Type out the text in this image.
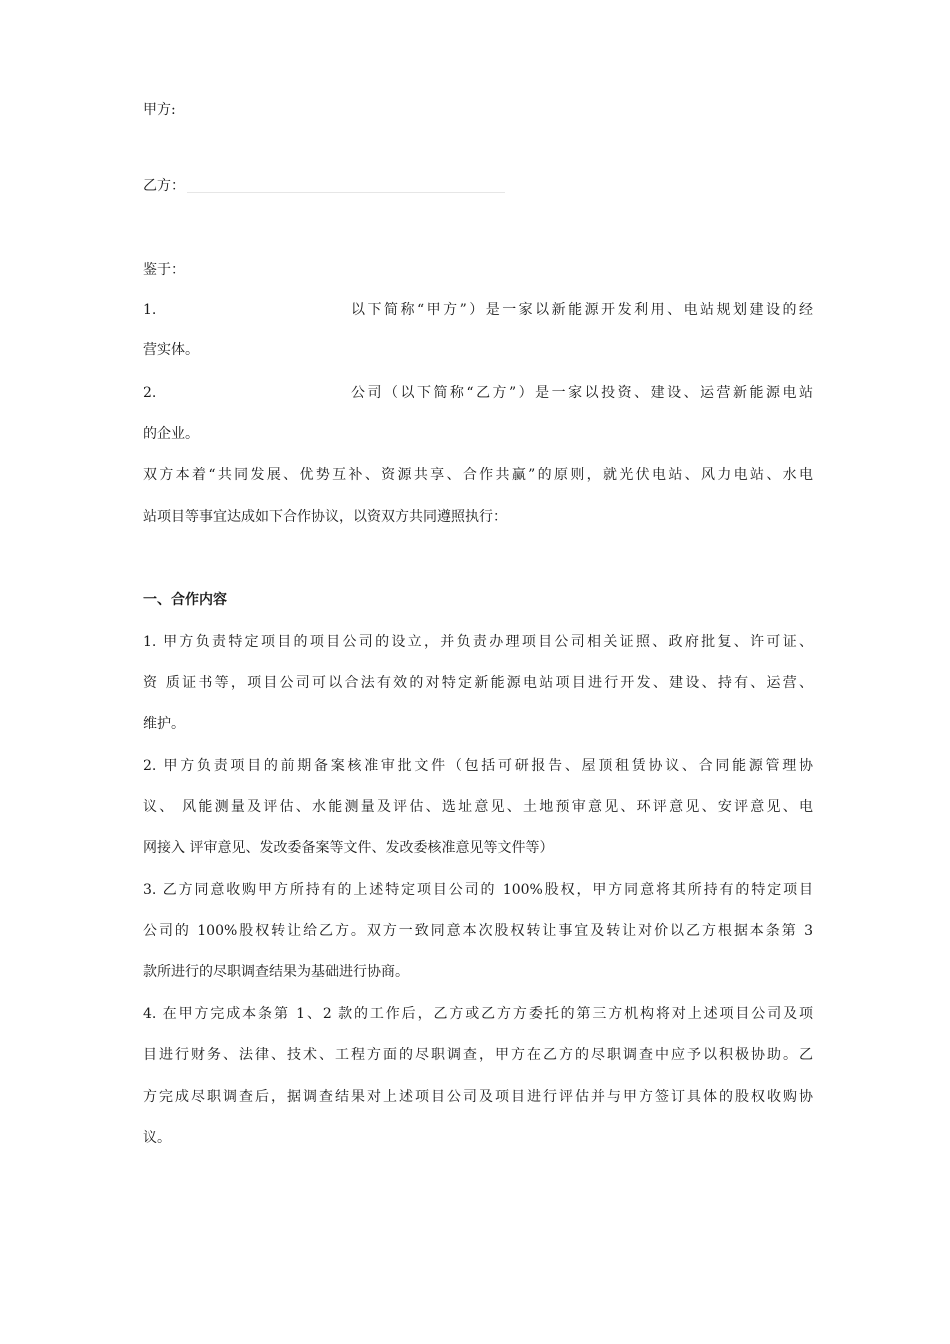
甲方:
乙方：
鉴于：
1.	以下简称“甲方”）是一家以新能源开发利用、电站规划建设的经
营实体。
2.	公司（以下简称“乙方”）是一家以投资、建设、运营新能源电站
的企业。
双方本着“共同发展、优势互补、资源共享、合作共赢”的原则，就光伏电站、风力电站、水电
站项目等事宜达成如下合作协议，以资双方共同遵照执行：
一、合作内容
1. 甲方负责特定项目的项目公司的设立，并负责办理项目公司相关证照、政府批复、许可证、
资 质证书等，项目公司可以合法有效的对特定新能源电站项目进行开发、建设、持有、运营、
维护。
2. 甲方负责项目的前期备案核准审批文件（包括可研报告、屋顶租赁协议、合同能源管理协
议、 风能测量及评估、水能测量及评估、选址意见、土地预审意见、环评意见、安评意见、电
网接入 评审意见、发改委备案等文件、发改委核准意见等文件等）
3. 乙方同意收购甲方所持有的上述特定项目公司的 100%股权，甲方同意将其所持有的特定项目
公司的 100%股权转让给乙方。双方一致同意本次股权转让事宜及转让对价以乙方根据本条第 3
款所进行的尽职调查结果为基础进行协商。
4. 在甲方完成本条第 1、2 款的工作后，乙方或乙方方委托的第三方机构将对上述项目公司及项
目进行财务、法律、技术、工程方面的尽职调查，甲方在乙方的尽职调查中应予以积极协助。乙
方完成尽职调查后，据调查结果对上述项目公司及项目进行评估并与甲方签订具体的股权收购协
议。
